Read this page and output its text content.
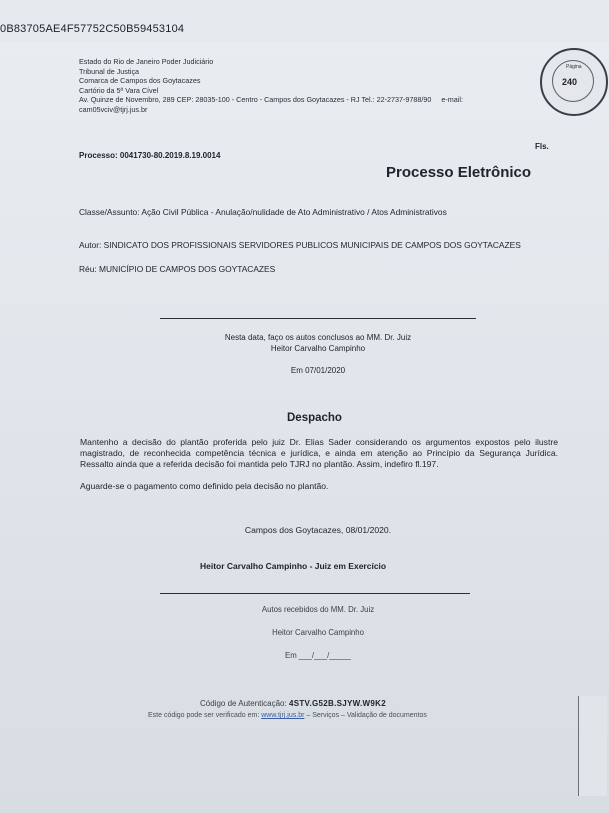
0B83705AE4F57752C50B59453104
Estado do Rio de Janeiro Poder Judiciário
Tribunal de Justiça
Comarca de Campos dos Goytacazes
Cartório da 5ª Vara Cível
Av. Quinze de Novembro, 289 CEP: 28035-100 - Centro - Campos dos Goytacazes - RJ Tel.: 22-2737-9788/90 e-mail:
cam05vciv@tjrj.jus.br
Página
240
Fls.
Processo: 0041730-80.2019.8.19.0014
Processo Eletrônico
Classe/Assunto: Ação Civil Pública - Anulação/nulidade de Ato Administrativo / Atos Administrativos
Autor: SINDICATO DOS PROFISSIONAIS SERVIDORES PUBLICOS MUNICIPAIS DE CAMPOS DOS GOYTACAZES
Réu: MUNICÍPIO DE CAMPOS DOS GOYTACAZES
Nesta data, faço os autos conclusos ao MM. Dr. Juiz
Heitor Carvalho Campinho
Em 07/01/2020
Despacho

Mantenho a decisão do plantão proferida pelo juiz Dr. Elias Sader considerando os argumentos expostos pelo ilustre magistrado, de reconhecida competência técnica e jurídica, e ainda em atenção ao Princípio da Segurança Jurídica. Ressalto ainda que a referida decisão foi mantida pelo TJRJ no plantão. Assim, indefiro fl.197.

Aguarde-se o pagamento como definido pela decisão no plantão.

Campos dos Goytacazes, 08/01/2020.
Heitor Carvalho Campinho - Juiz em Exercício
Autos recebidos do MM. Dr. Juiz
Heitor Carvalho Campinho
Em ___/___/_____
Código de Autenticação: 4STV.G52B.SJYW.W9K2
Este código pode ser verificado em: www.tjrj.jus.br – Serviços – Validação de documentos
